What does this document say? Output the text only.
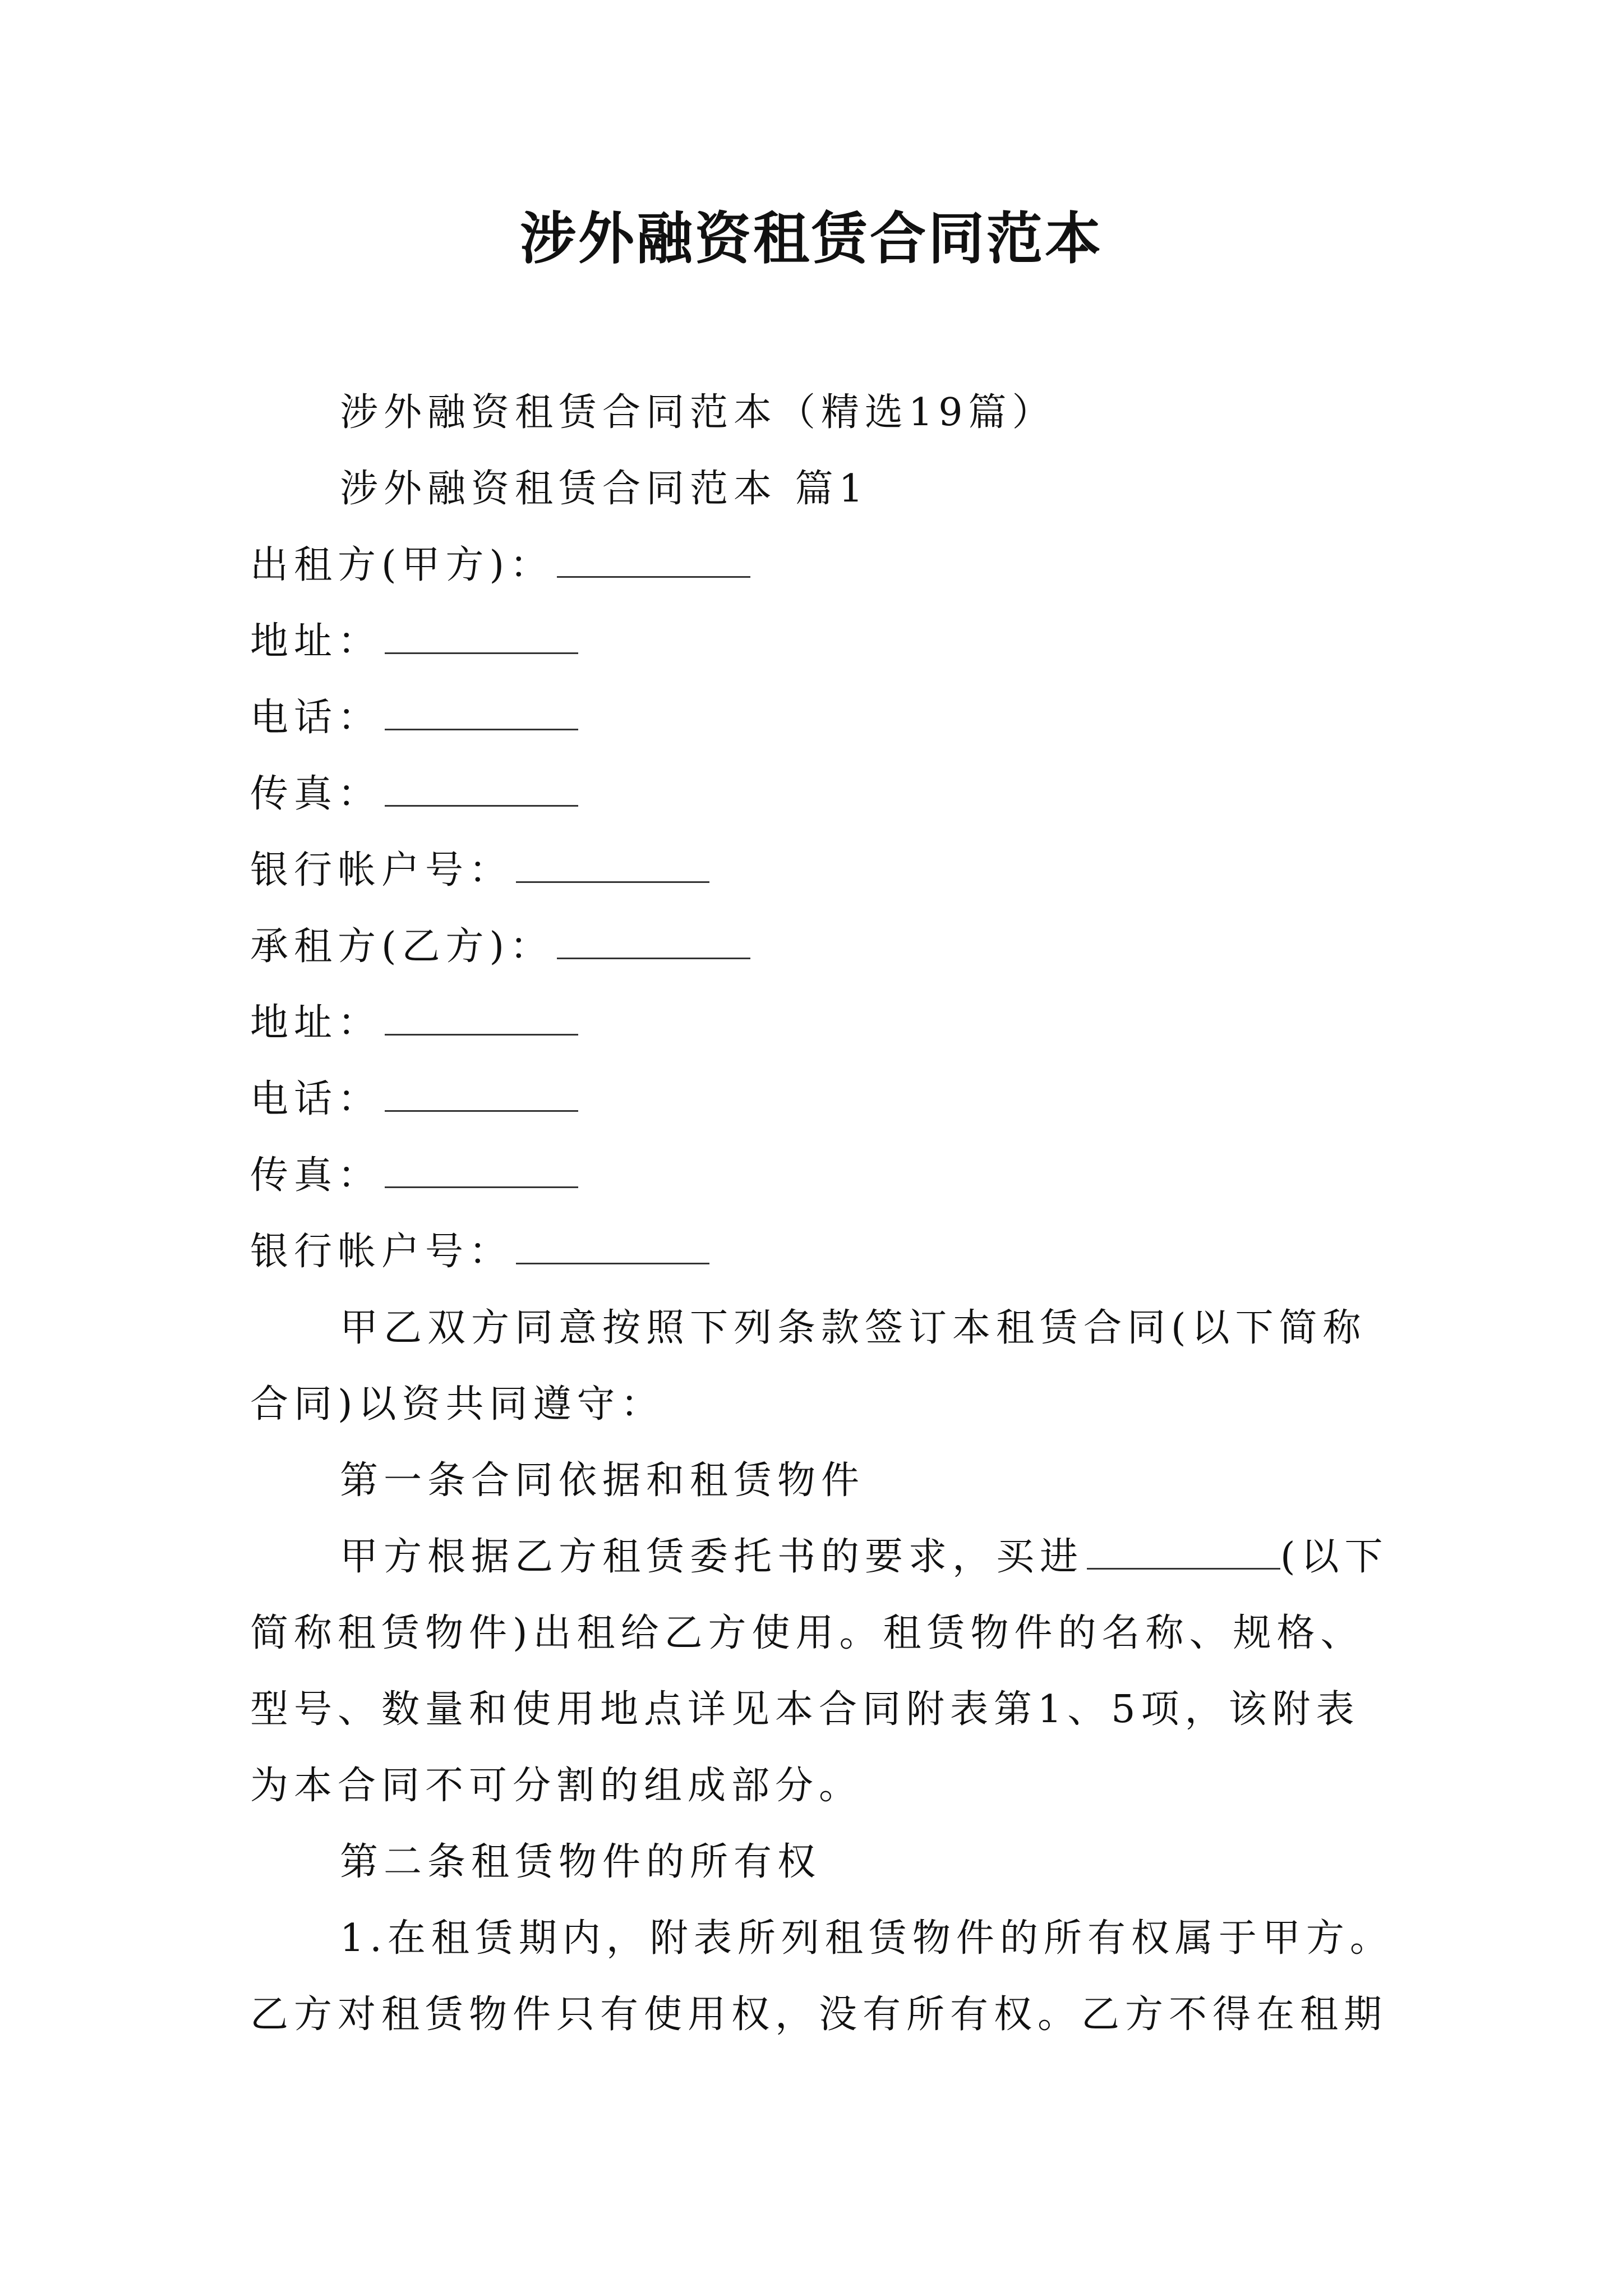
涉外融资租赁合同范本

涉外融资租赁合同范本（精选19篇）

涉外融资租赁合同范本 篇1

出租方(甲方)：

地址：

电话：

传真：

银行帐户号：

承租方(乙方)：

地址：

电话：

传真：

银行帐户号：

甲乙双方同意按照下列条款签订本租赁合同(以下简称合同)以资共同遵守：

第一条合同依据和租赁物件

甲方根据乙方租赁委托书的要求，买进	(以下简称租赁物件)出租给乙方使用。租赁物件的名称、规格、型号、数量和使用地点详见本合同附表第1、5项，该附表为本合同不可分割的组成部分。

第二条租赁物件的所有权

1.在租赁期内，附表所列租赁物件的所有权属于甲方。乙方对租赁物件只有使用权，没有所有权。乙方不得在租期
